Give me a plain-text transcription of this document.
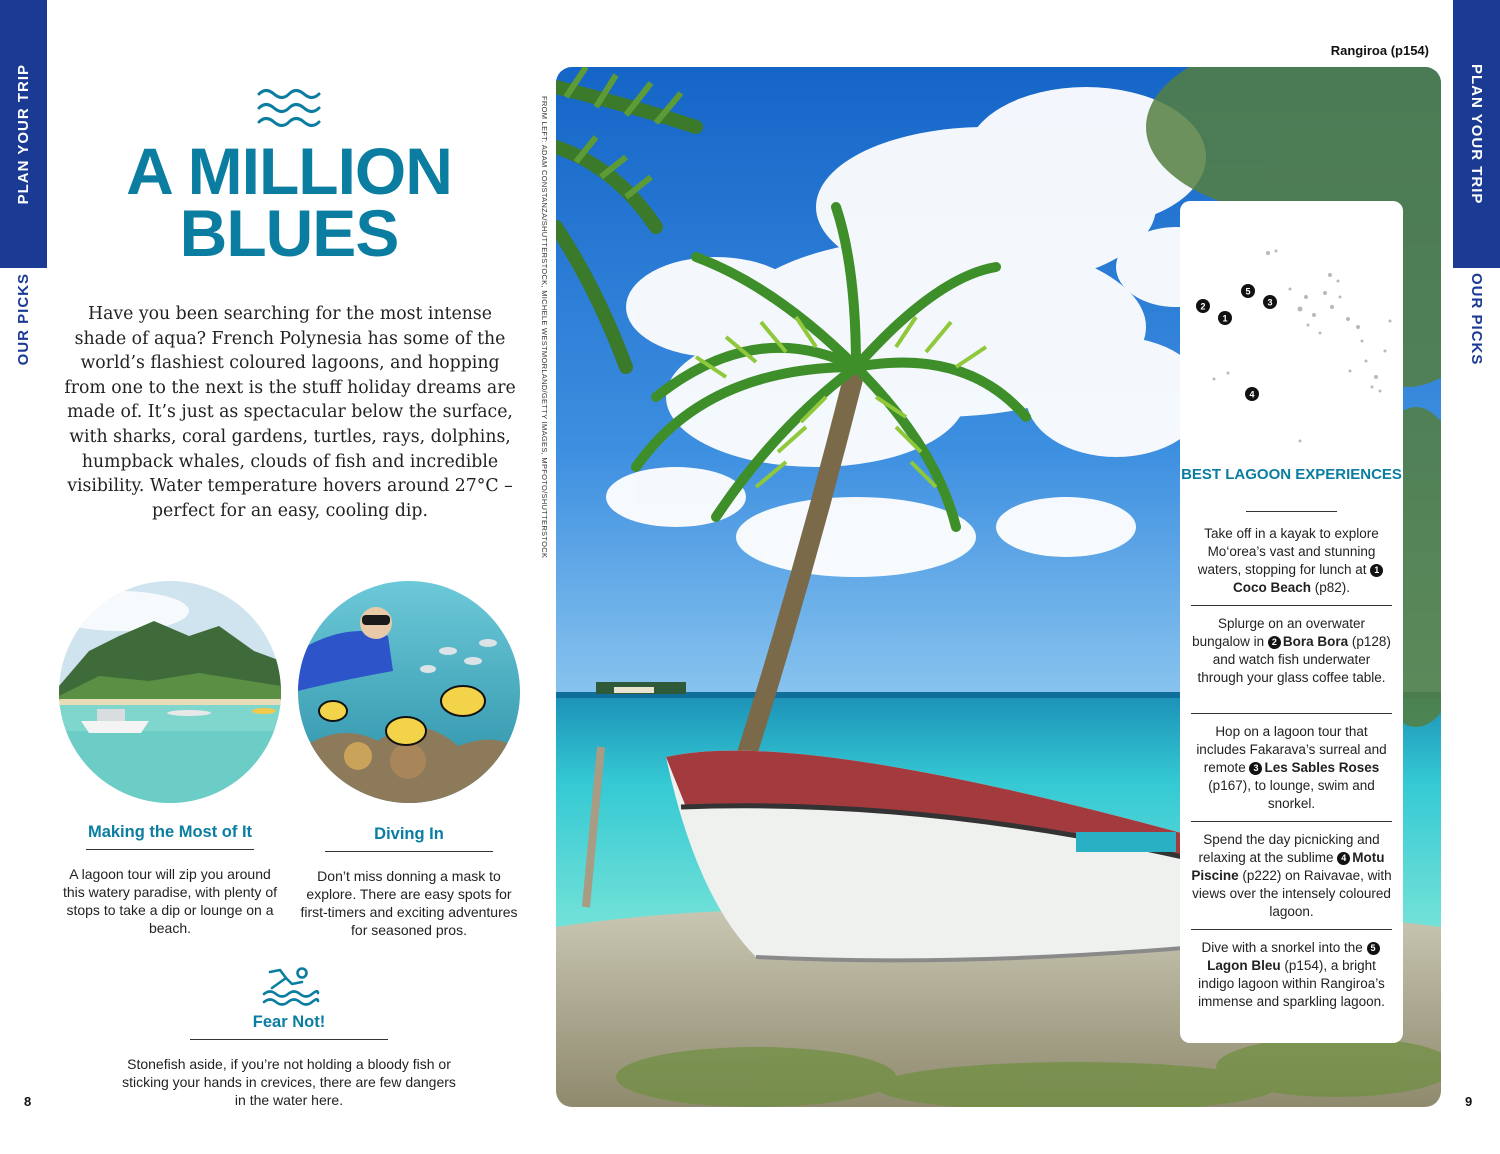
PLAN YOUR TRIP
OUR PICKS
PLAN YOUR TRIP
OUR PICKS
A MILLION
BLUES

Have you been searching for the most intense shade of aqua? French Polynesia has some of the world’s flashiest coloured lagoons, and hopping from one to the next is the stuff holiday dreams are made of. It’s just as spectacular below the surface, with sharks, coral gardens, turtles, rays, dolphins, humpback whales, clouds of fish and incredible visibility. Water temperature hovers around 27°C – perfect for an easy, cooling dip.

Making the Most of It
A lagoon tour will zip you around this watery paradise, with plenty of stops to take a dip or lounge on a beach.
Diving In
Don’t miss donning a mask to explore. There are easy spots for first-timers and exciting adventures for seasoned pros.
Fear Not!
Stonefish aside, if you’re not holding a bloody fish or sticking your hands in crevices, there are few dangers in the water here.
FROM LEFT: ADAM CONSTANZA/SHUTTERSTOCK, MICHELE WESTMORLAND/GETTY IMAGES, MPFOTO/SHUTTERSTOCK
Rangiroa (p154)
1
2	3
4
5
BEST LAGOON EXPERIENCES
Take off in a kayak to explore Mo‘orea’s vast and stunning waters, stopping for lunch at 1Coco Beach (p82).
Splurge on an overwater bungalow in 2 Bora Bora (p128) and watch fish underwater through your glass coffee table.
Hop on a lagoon tour that includes Fakarava’s surreal and remote 3 Les Sables Roses (p167), to lounge, swim and snorkel.
Spend the day picnicking and relaxing at the sublime 4 Motu Piscine (p222) on Raivavae, with views over the intensely coloured lagoon.
Dive with a snorkel into the 5Lagon Bleu (p154), a bright indigo lagoon within Rangiroa’s immense and sparkling lagoon.
8	9
